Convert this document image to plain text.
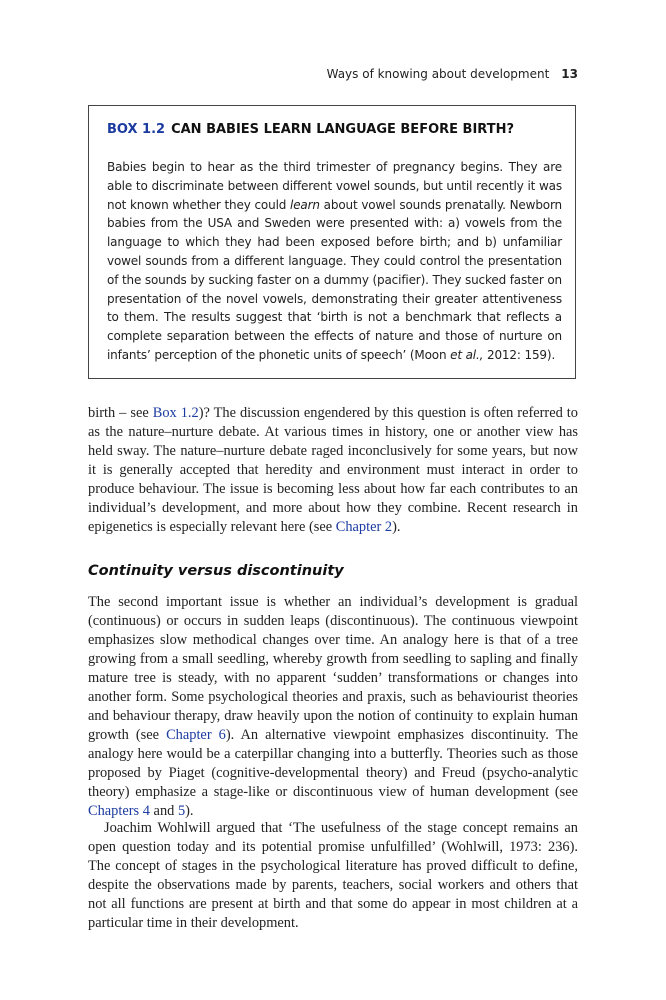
Ways of knowing about development 13
BOX 1.2 CAN BABIES LEARN LANGUAGE BEFORE BIRTH?

Babies begin to hear as the third trimester of pregnancy begins. They are able to discriminate between different vowel sounds, but until recently it was not known whether they could learn about vowel sounds prenatally. Newborn babies from the USA and Sweden were presented with: a) vowels from the language to which they had been exposed before birth; and b) unfamiliar vowel sounds from a different language. They could control the presentation of the sounds by sucking faster on a dummy (pacifier). They sucked faster on presentation of the novel vowels, demonstrating their greater attentiveness to them. The results suggest that ‘birth is not a benchmark that reflects a complete separation between the effects of nature and those of nurture on infants’ perception of the phonetic units of speech’ (Moon et al., 2012: 159).

birth – see Box 1.2)? The discussion engendered by this question is often referred to as the nature–nurture debate. At various times in history, one or another view has held sway. The nature–nurture debate raged inconclusively for some years, but now it is generally accepted that heredity and environment must interact in order to produce behaviour. The issue is becoming less about how far each contributes to an individual’s development, and more about how they combine. Recent research in epigenetics is especially relevant here (see Chapter 2).

Continuity versus discontinuity

The second important issue is whether an individual’s development is gradual (continuous) or occurs in sudden leaps (discontinuous). The continuous viewpoint emphasizes slow methodical changes over time. An analogy here is that of a tree growing from a small seedling, whereby growth from seedling to sapling and finally mature tree is steady, with no apparent ‘sudden’ transformations or changes into another form. Some psychological theories and praxis, such as behaviourist theories and behaviour therapy, draw heavily upon the notion of continuity to explain human growth (see Chapter 6). An alternative viewpoint emphasizes discontinuity. The analogy here would be a caterpillar changing into a butterfly. Theories such as those proposed by Piaget (cognitive-developmental theory) and Freud (psycho-analytic theory) emphasize a stage-like or discontinuous view of human development (see Chapters 4 and 5).

Joachim Wohlwill argued that ‘The usefulness of the stage concept remains an open question today and its potential promise unfulfilled’ (Wohlwill, 1973: 236). The concept of stages in the psychological literature has proved difficult to define, despite the observations made by parents, teachers, social workers and others that not all functions are present at birth and that some do appear in most children at a particular time in their development.
